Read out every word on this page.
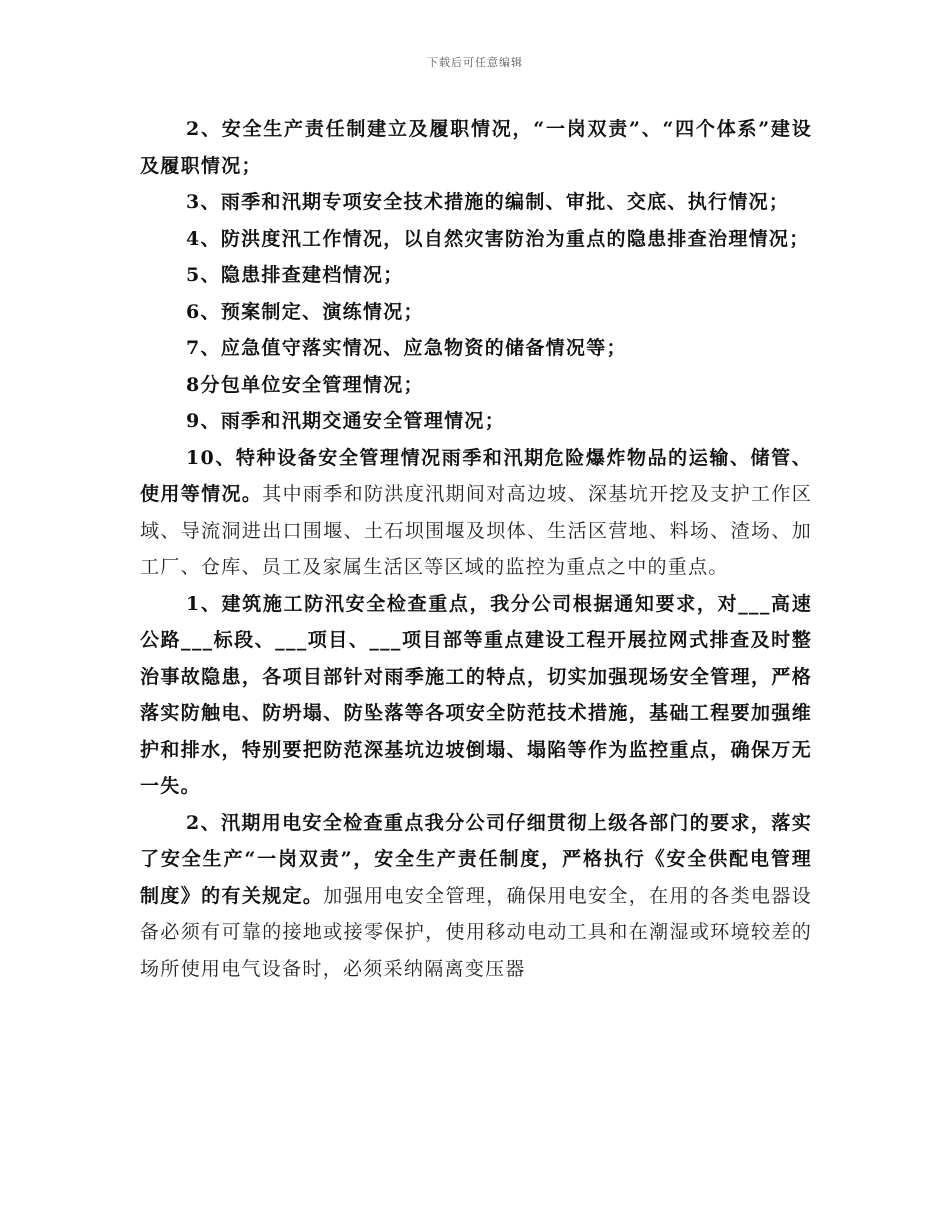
下载后可任意编辑

2、安全生产责任制建立及履职情况，“一岗双责”、“四个体系”建设及履职情况；

3、雨季和汛期专项安全技术措施的编制、审批、交底、执行情况；

4、防洪度汛工作情况，以自然灾害防治为重点的隐患排查治理情况；

5、隐患排查建档情况；

6、预案制定、演练情况；

7、应急值守落实情况、应急物资的储备情况等；

8分包单位安全管理情况；

9、雨季和汛期交通安全管理情况；

10、特种设备安全管理情况雨季和汛期危险爆炸物品的运输、储管、使用等情况。其中雨季和防洪度汛期间对高边坡、深基坑开挖及支护工作区域、导流洞进出口围堰、土石坝围堰及坝体、生活区营地、料场、渣场、加工厂、仓库、员工及家属生活区等区域的监控为重点之中的重点。

1、建筑施工防汛安全检查重点，我分公司根据通知要求，对___高速公路___标段、___项目、___项目部等重点建设工程开展拉网式排查及时整治事故隐患，各项目部针对雨季施工的特点，切实加强现场安全管理，严格落实防触电、防坍塌、防坠落等各项安全防范技术措施，基础工程要加强维护和排水，特别要把防范深基坑边坡倒塌、塌陷等作为监控重点，确保万无一失。

2、汛期用电安全检查重点我分公司仔细贯彻上级各部门的要求，落实了安全生产“一岗双责”，安全生产责任制度，严格执行《安全供配电管理制度》的有关规定。加强用电安全管理，确保用电安全，在用的各类电器设备必须有可靠的接地或接零保护，使用移动电动工具和在潮湿或环境较差的场所使用电气设备时，必须采纳隔离变压器
